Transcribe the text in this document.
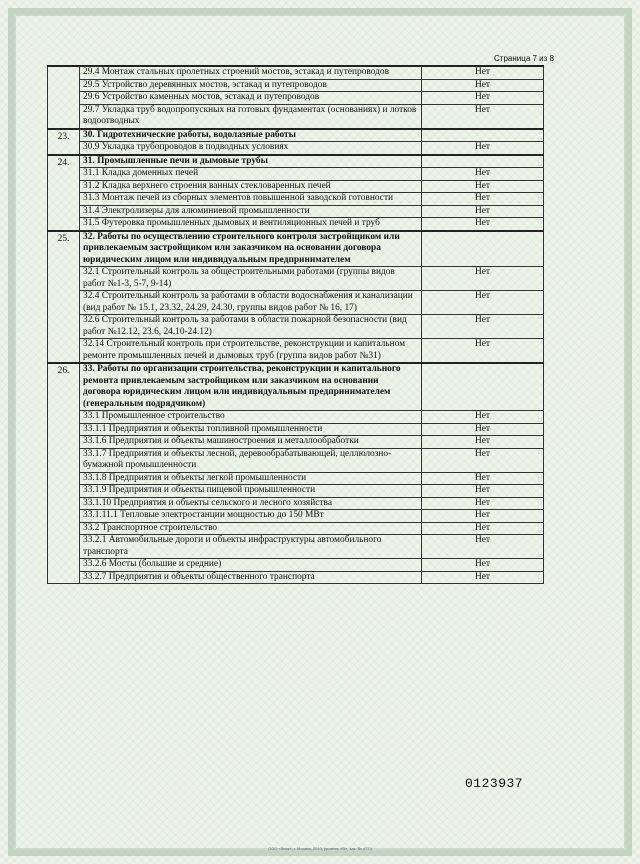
Страница 7 из 8
	29.4 Монтаж стальных пролетных строений мостов, эстакад и путепроводов	Нет
	29.5 Устройство деревянных мостов, эстакад и путепроводов	Нет
	29.6 Устройство каменных мостов, эстакад и путепроводов	Нет
	29.7 Укладка труб водопропускных на готовых фундаментах (основаниях) и лотков водоотводных	Нет
23.	30. Гидротехнические работы, водолазные работы	
	30.9 Укладка трубопроводов в подводных условиях	Нет
24.	31. Промышленные печи и дымовые трубы	
	31.1 Кладка доменных печей	Нет
	31.2 Кладка верхнего строения ванных стекловаренных печей	Нет
	31.3 Монтаж печей из сборных элементов повышенной заводской готовности	Нет
	31.4 Электролизеры для алюминиевой промышленности	Нет
	31.5 Футеровка промышленных дымовых и вентиляционных печей и труб	Нет
25.	32. Работы по осуществлению строительного контроля застройщиком или привлекаемым застройщиком или заказчиком на основании договора юридическим лицом или индивидуальным предпринимателем	
	32.1 Строительный контроль за общестроительными работами (группы видов работ №1-3, 5-7, 9-14)	Нет
	32.4 Строительный контроль за работами в области водоснабжения и канализации (вид работ № 15.1, 23.32, 24.29, 24.30, группы видов работ № 16, 17)	Нет
	32.6 Строительный контроль за работами в области пожарной безопасности (вид работ №12.12, 23.6, 24.10-24.12)	Нет
	32.14 Строительный контроль при строительстве, реконструкции и капитальном ремонте промышленных печей и дымовых труб (группа видов работ №31)	Нет
26.	33. Работы по организации строительства, реконструкции и капитального ремонта привлекаемым застройщиком или заказчиком на основании договора юридическим лицом или индивидуальным предпринимателем (генеральным подрядчиком)	
	33.1 Промышленное строительство	Нет
	33.1.1 Предприятия и объекты топливной промышленности	Нет
	33.1.6 Предприятия и объекты машиностроения и металлообработки	Нет
	33.1.7 Предприятия и объекты лесной, деревообрабатывающей, целлюлозно-бумажной промышленности	Нет
	33.1.8 Предприятия и объекты легкой промышленности	Нет
	33.1.9 Предприятия и объекты пищевой промышленности	Нет
	33.1.10 Предприятия и объекты сельского и лесного хозяйства	Нет
	33.1.11.1 Тепловые электростанции мощностью до 150 МВт	Нет
	33.2 Транспортное строительство	Нет
	33.2.1 Автомобильные дороги и объекты инфраструктуры автомобильного транспорта	Нет
	33.2.6 Мосты (большие и средние)	Нет
	33.2.7 Предприятия и объекты общественного транспорта	Нет
0123937
ООО «Знак», г. Москва, 2010, уровень «В», зак. № 4774
